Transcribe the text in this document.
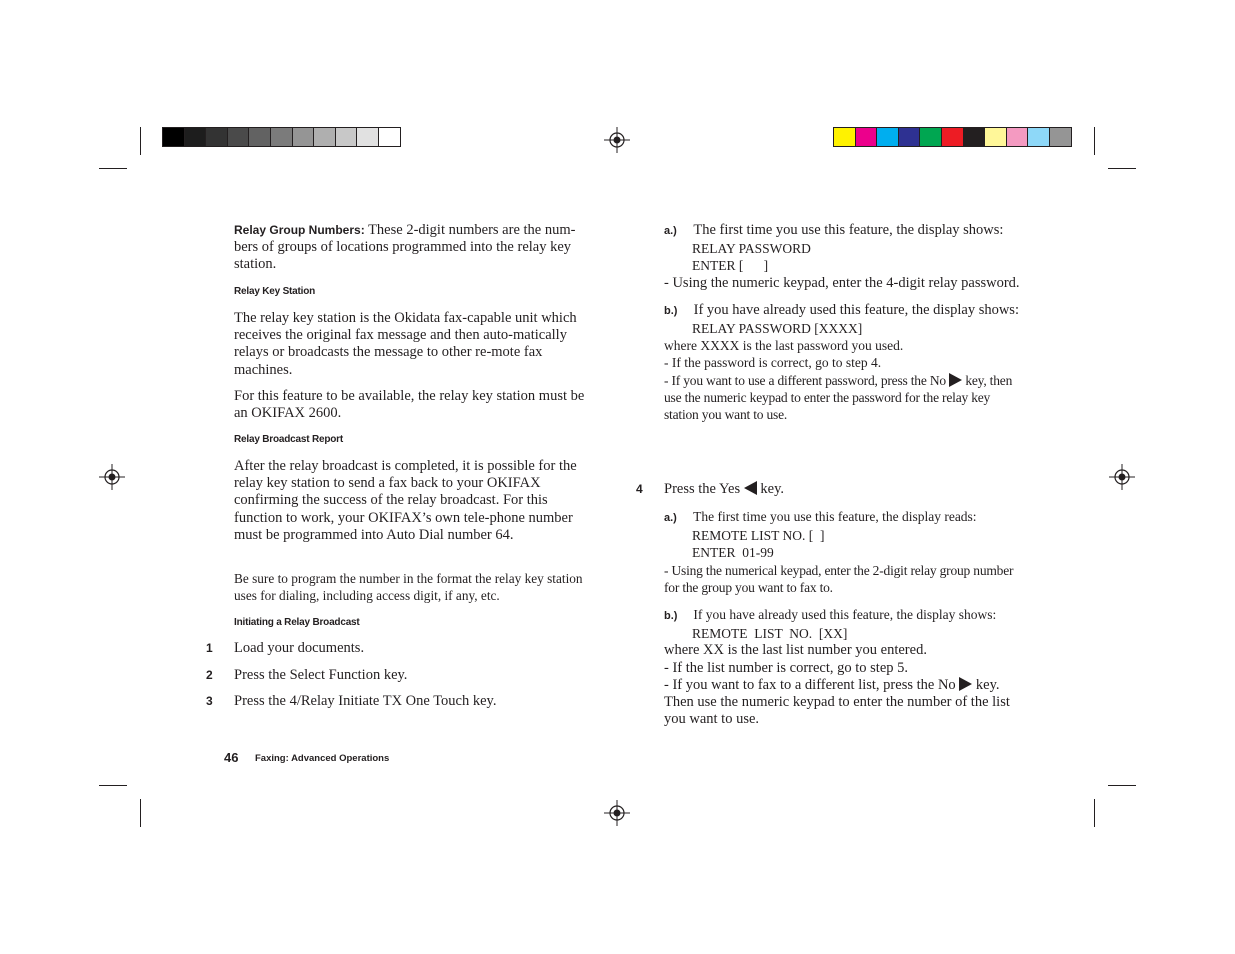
Relay Group Numbers: These 2-digit numbers are the num-bers of groups of locations programmed into the relay key station.
Relay Key Station
The relay key station is the Okidata fax-capable unit which receives the original fax message and then auto-matically relays or broadcasts the message to other re-mote fax machines.
For this feature to be available, the relay key station must be an OKIFAX 2600.
Relay Broadcast Report
After the relay broadcast is completed, it is possible for the relay key station to send a fax back to your OKIFAX confirming the success of the relay broadcast. For this function to work, your OKIFAX’s own tele-phone number must be programmed into Auto Dial number 64.
Be sure to program the number in the format the relay key station uses for dialing, including access digit, if any, etc.
Initiating a Relay Broadcast
1 Load your documents.
2 Press the Select Function key.
3 Press the 4/Relay Initiate TX One Touch key.
46 Faxing: Advanced Operations

a.) The first time you use this feature, the display shows:

RELAY PASSWORD

ENTER [      ]

- Using the numeric keypad, enter the 4-digit relay password.

b.) If you have already used this feature, the display shows:

RELAY PASSWORD [XXXX]

where XXXX is the last password you used.

- If the password is correct, go to step 4.

- If you want to use a different password, press the No key, then use the numeric keypad to enter the password for the relay key station you want to use.

4 Press the Yes key.

a.) The first time you use this feature, the display reads:

REMOTE LIST NO. [  ]

ENTER  01-99

- Using the numerical keypad, enter the 2-digit relay group number for the group you want to fax to.

b.) If you have already used this feature, the display shows:

REMOTE  LIST  NO.  [XX]

where XX is the last list number you entered.

- If the list number is correct, go to step 5.

- If you want to fax to a different list, press the No key. Then use the numeric keypad to enter the number of the list you want to use.
